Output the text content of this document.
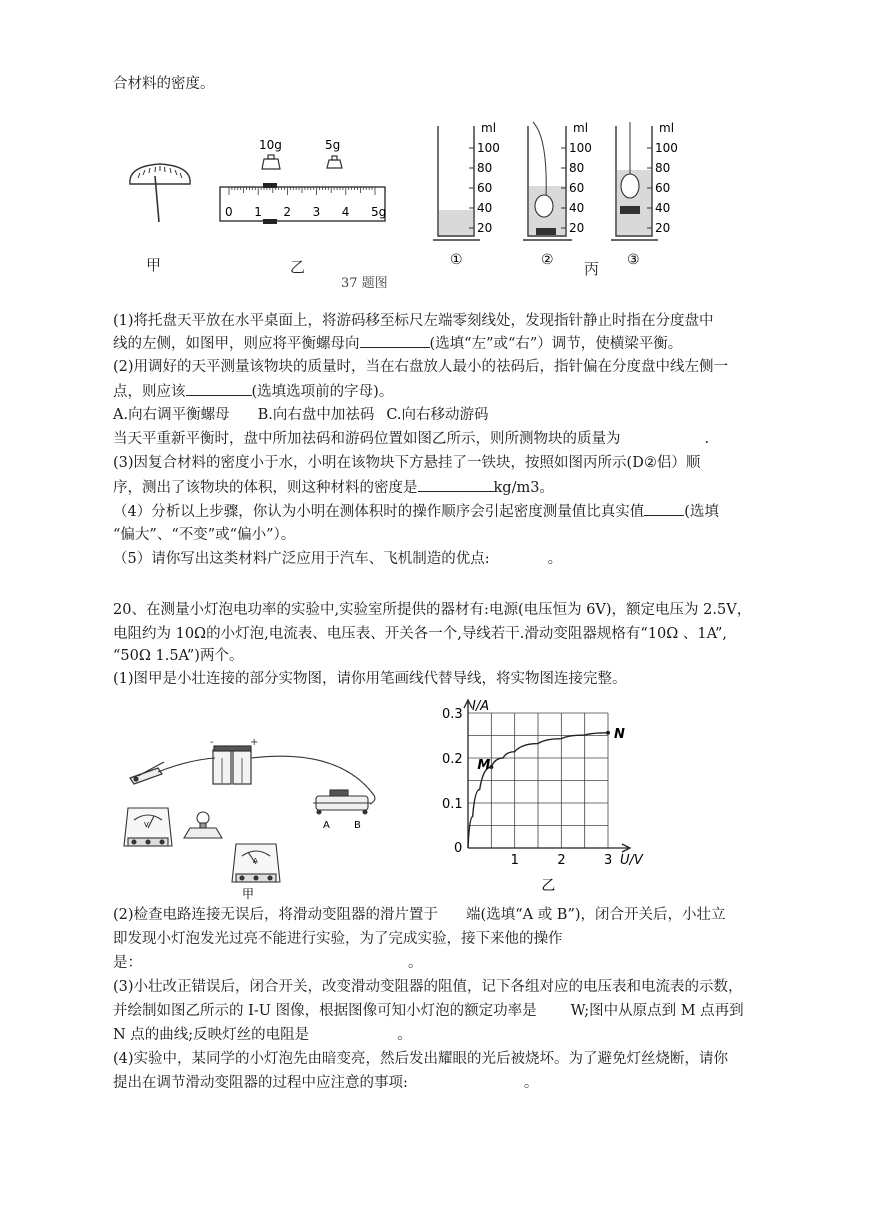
合材料的密度。
甲
10g	5g
0 1 2 3 4 5g
乙
ml
100
80
60
40
20
ml
100
80
60
40
20
ml
100
80
60
40
20
①	②	③
丙
37 题图
(1)将托盘天平放在水平桌面上，将游码移至标尺左端零刻线处，发现指针静止时指在分度盘中
线的左侧，如图甲，则应将平衡螺母向	(选填“左”或“右”）调节，使横梁平衡。
(2)用调好的天平测量该物块的质量时，当在右盘放人最小的祛码后，指针偏在分度盘中线左侧一
点，则应该	(选填选项前的字母)。
A.向右调平衡螺母 B.向右盘中加祛码 C.向右移动游码
当天平重新平衡时，盘中所加祛码和游码位置如图乙所示，则所测物块的质量为	.
(3)因复合材料的密度小于水，小明在该物块下方悬挂了一铁块，按照如图丙所示(D②侣）顺
序，测出了该物块的体积，则这种材料的密度是	kg/m3。
（4）分析以上步骤，你认为小明在测体积时的操作顺序会引起密度测量值比真实值	(选填
“偏大”、“不变”或“偏小”）。
（5）请你写出这类材料广泛应用于汽车、飞机制造的优点:	。
20、在测量小灯泡电功率的实验中,实验室所提供的器材有:电源(电压恒为 6V)，额定电压为 2.5V，
电阻约为 10Ω的小灯泡,电流表、电压表、开关各一个,导线若干.滑动变阻器规格有“10Ω 、1A”,
“50Ω 1.5A”)两个。
(1)图甲是小壮连接的部分实物图，请你用笔画线代替导线，将实物图连接完整。
-	+
A B
V
A
甲
1	2	3
0.3
0.2
0.1
M
N
I/A
U/V
0
乙
(2)检查电路连接无误后，将滑动变阻器的滑片置于 端(选填“A 或 B”)，闭合开关后，小壮立
即发现小灯泡发光过亮不能进行实验，为了完成实验，接下来他的操作
是：	。
(3)小壮改正错误后，闭合开关，改变滑动变阻器的阻值，记下各组对应的电压表和电流表的示数，
并绘制如图乙所示的 I-U 图像，根据图像可知小灯泡的额定功率是 W;图中从原点到 M 点再到
N 点的曲线;反映灯丝的电阻是	。
(4)实验中，某同学的小灯泡先由暗变亮，然后发出耀眼的光后被烧坏。为了避免灯丝烧断，请你
提出在调节滑动变阻器的过程中应注意的事项:	。
